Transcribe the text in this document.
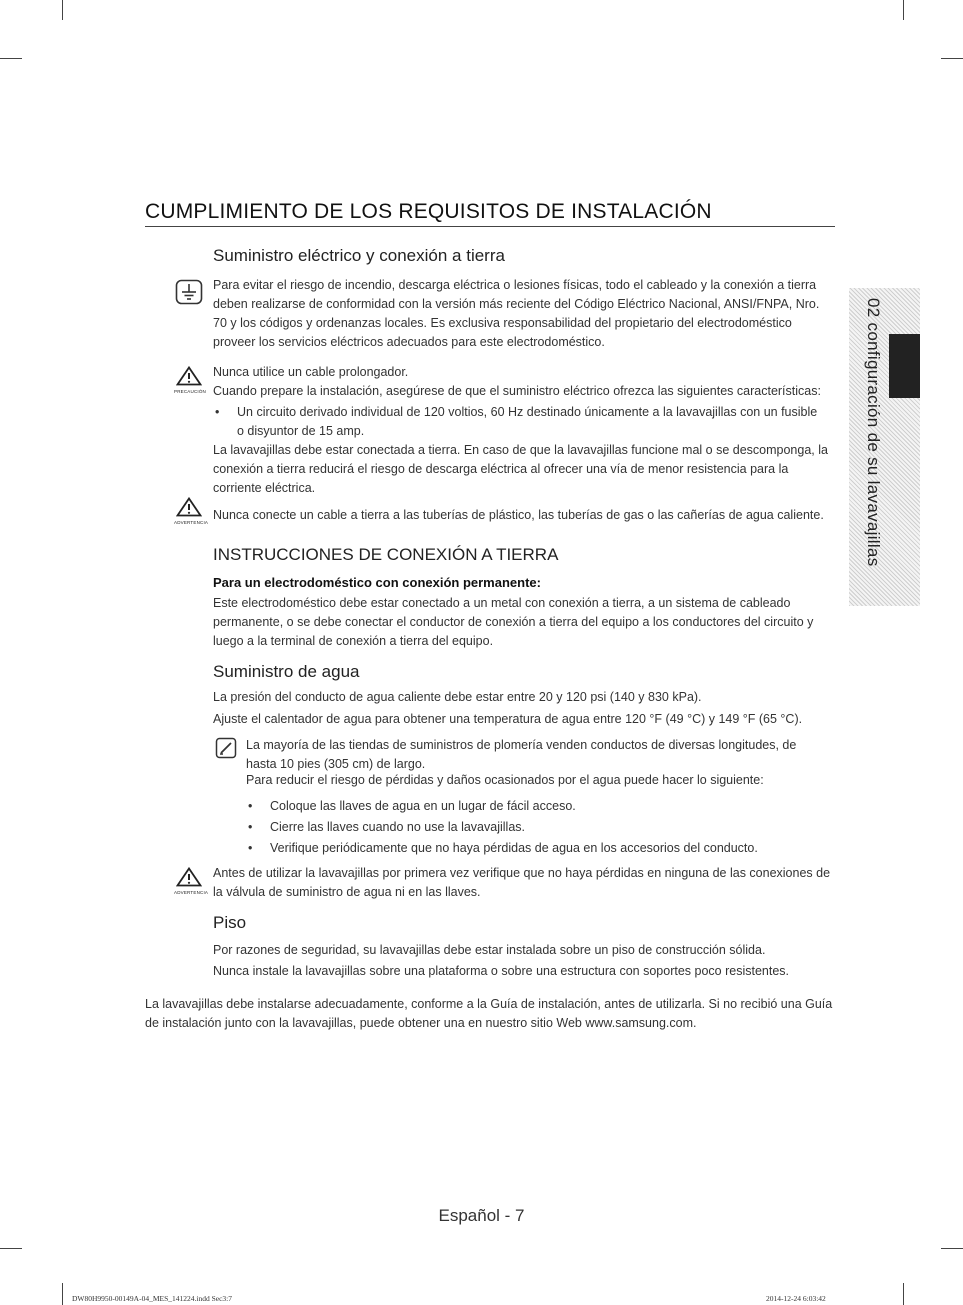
CUMPLIMIENTO DE LOS REQUISITOS DE INSTALACIÓN
02 configuración de su lavavajillas
Suministro eléctrico y conexión a tierra

Para evitar el riesgo de incendio, descarga eléctrica o lesiones físicas, todo el cableado y la conexión a tierra deben realizarse de conformidad con la versión más reciente del Código Eléctrico Nacional, ANSI/FNPA, Nro. 70 y los códigos y ordenanzas locales. Es exclusiva responsabilidad del propietario del electrodoméstico proveer los servicios eléctricos adecuados para este electrodoméstico.

PRECAUCIÓN

Nunca utilice un cable prolongador.

Cuando prepare la instalación, asegúrese de que el suministro eléctrico ofrezca las siguientes características:

• Un circuito derivado individual de 120 voltios, 60 Hz destinado únicamente a la lavavajillas con un fusible o disyuntor de 15 amp.

La lavavajillas debe estar conectada a tierra. En caso de que la lavavajillas funcione mal o se descomponga, la conexión a tierra reducirá el riesgo de descarga eléctrica al ofrecer una vía de menor resistencia para la corriente eléctrica.

ADVERTENCIA

Nunca conecte un cable a tierra a las tuberías de plástico, las tuberías de gas o las cañerías de agua caliente.

INSTRUCCIONES DE CONEXIÓN A TIERRA
Para un electrodoméstico con conexión permanente:

Este electrodoméstico debe estar conectado a un metal con conexión a tierra, a un sistema de cableado permanente, o se debe conectar el conductor de conexión a tierra del equipo a los conductores del circuito y luego a la terminal de conexión a tierra del equipo.

Suministro de agua

La presión del conducto de agua caliente debe estar entre 20 y 120 psi (140 y 830 kPa).

Ajuste el calentador de agua para obtener una temperatura de agua entre 120 °F (49 °C) y 149 °F (65 °C).

La mayoría de las tiendas de suministros de plomería venden conductos de diversas longitudes, de hasta 10 pies (305 cm) de largo.

Para reducir el riesgo de pérdidas y daños ocasionados por el agua puede hacer lo siguiente:

• Coloque las llaves de agua en un lugar de fácil acceso.

• Cierre las llaves cuando no use la lavavajillas.

• Verifique periódicamente que no haya pérdidas de agua en los accesorios del conducto.

ADVERTENCIA

Antes de utilizar la lavavajillas por primera vez verifique que no haya pérdidas en ninguna de las conexiones de la válvula de suministro de agua ni en las llaves.

Piso

Por razones de seguridad, su lavavajillas debe estar instalada sobre un piso de construcción sólida.

Nunca instale la lavavajillas sobre una plataforma o sobre una estructura con soportes poco resistentes.

La lavavajillas debe instalarse adecuadamente, conforme a la Guía de instalación, antes de utilizarla. Si no recibió una Guía de instalación junto con la lavavajillas, puede obtener una en nuestro sitio Web www.samsung.com.

Español - 7
DW80H9950-00149A-04_MES_141224.indd Sec3:7	2014-12-24 6:03:42
